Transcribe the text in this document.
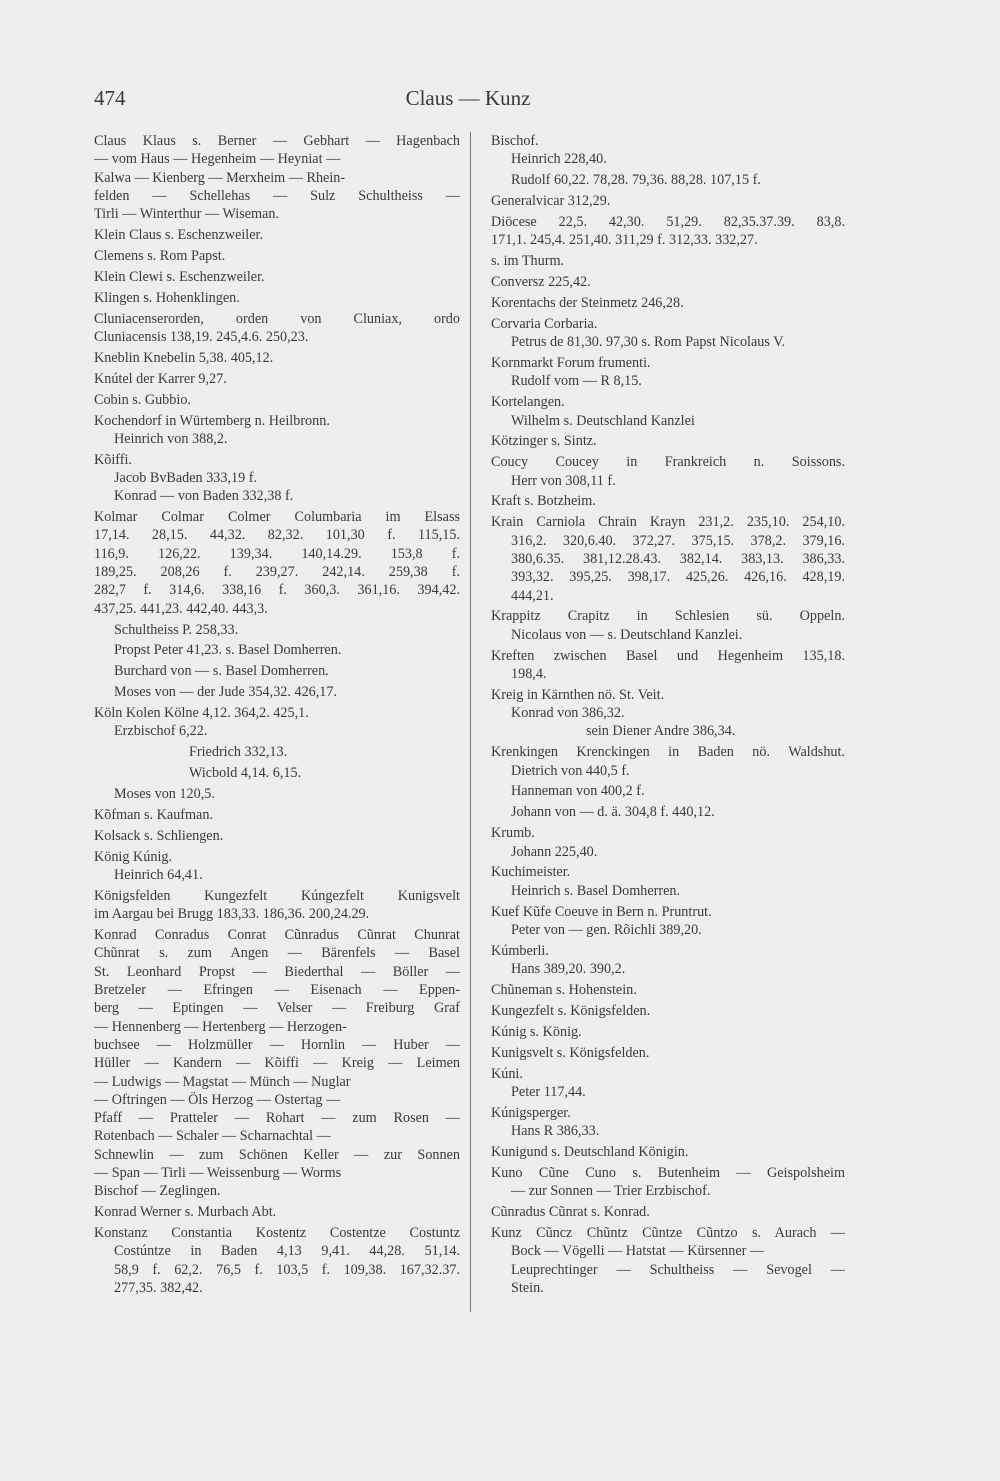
474	Claus — Kunz
Claus Klaus s. Berner — Gebhart — Hagenbach
— vom Haus — Hegenheim — Heyniat —
Kalwa — Kienberg — Merxheim — Rhein-
felden — Schellehas — Sulz Schultheiss —
Tirli — Winterthur — Wiseman.
Klein Claus s. Eschenzweiler.
Clemens s. Rom Papst.
Klein Clewi s. Eschenzweiler.
Klingen s. Hohenklingen.
Cluniacenserorden, orden von Cluniax, ordo
Cluniacensis 138,19. 245,4.6. 250,23.
Kneblin Knebelin 5,38. 405,12.
Knútel der Karrer 9,27.
Cobin s. Gubbio.
Kochendorf in Würtemberg n. Heilbronn.
Heinrich von 388,2.
Kõiffi.
Jacob BvBaden 333,19 f.
Konrad — von Baden 332,38 f.
Kolmar Colmar Colmer Columbaria im Elsass
17,14. 28,15. 44,32. 82,32. 101,30 f. 115,15.
116,9. 126,22. 139,34. 140,14.29. 153,8 f.
189,25. 208,26 f. 239,27. 242,14. 259,38 f.
282,7 f. 314,6. 338,16 f. 360,3. 361,16. 394,42.
437,25. 441,23. 442,40. 443,3.
Schultheiss P. 258,33.
Propst Peter 41,23. s. Basel Domherren.
Burchard von — s. Basel Domherren.
Moses von — der Jude 354,32. 426,17.
Köln Kolen Kölne 4,12. 364,2. 425,1.
Erzbischof 6,22.
Friedrich 332,13.
Wicbold 4,14. 6,15.
Moses von 120,5.
Kõfman s. Kaufman.
Kolsack s. Schliengen.
König Kúnig.
Heinrich 64,41.
Königsfelden Kungezfelt Kúngezfelt Kunigsvelt
im Aargau bei Brugg 183,33. 186,36. 200,24.29.
Konrad Conradus Conrat Cũnradus Cũnrat Chunrat
Chũnrat s. zum Angen — Bärenfels — Basel
St. Leonhard Propst — Biederthal — Böller —
Bretzeler — Efringen — Eisenach — Eppen-
berg — Eptingen — Velser — Freiburg Graf
— Hennenberg — Hertenberg — Herzogen-
buchsee — Holzmüller — Hornlin — Huber —
Hüller — Kandern — Kõiffi — Kreig — Leimen
— Ludwigs — Magstat — Münch — Nuglar
— Oftringen — Öls Herzog — Ostertag —
Pfaff — Pratteler — Rohart — zum Rosen —
Rotenbach — Schaler — Scharnachtal —
Schnewlin — zum Schönen Keller — zur Sonnen
— Span — Tirli — Weissenburg — Worms
Bischof — Zeglingen.
Konrad Werner s. Murbach Abt.
Konstanz Constantia Kostentz Costentze Costuntz
Costúntze in Baden 4,13 9,41. 44,28. 51,14.
58,9 f. 62,2. 76,5 f. 103,5 f. 109,38. 167,32.37.
277,35. 382,42.
Bischof.
Heinrich 228,40.
Rudolf 60,22. 78,28. 79,36. 88,28. 107,15 f.
Generalvicar 312,29.
Diöcese 22,5. 42,30. 51,29. 82,35.37.39. 83,8.
171,1. 245,4. 251,40. 311,29 f. 312,33. 332,27.
s. im Thurm.
Conversz 225,42.
Korentachs der Steinmetz 246,28.
Corvaria Corbaria.
Petrus de 81,30. 97,30 s. Rom Papst Nicolaus V.
Kornmarkt Forum frumenti.
Rudolf vom — R 8,15.
Kortelangen.
Wilhelm s. Deutschland Kanzlei
Kötzinger s. Sintz.
Coucy Coucey in Frankreich n. Soissons.
Herr von 308,11 f.
Kraft s. Botzheim.
Krain Carniola Chrain Krayn 231,2. 235,10. 254,10.
316,2. 320,6.40. 372,27. 375,15. 378,2. 379,16.
380,6.35. 381,12.28.43. 382,14. 383,13. 386,33.
393,32. 395,25. 398,17. 425,26. 426,16. 428,19.
444,21.
Krappitz Crapitz in Schlesien sü. Oppeln.
Nicolaus von — s. Deutschland Kanzlei.
Kreften zwischen Basel und Hegenheim 135,18.
198,4.
Kreig in Kärnthen nö. St. Veit.
Konrad von 386,32.
sein Diener Andre 386,34.
Krenkingen Krenckingen in Baden nö. Waldshut.
Dietrich von 440,5 f.
Hanneman von 400,2 f.
Johann von — d. ä. 304,8 f. 440,12.
Krumb.
Johann 225,40.
Kuchimeister.
Heinrich s. Basel Domherren.
Kuef Kũfe Coeuve in Bern n. Pruntrut.
Peter von — gen. Rõichli 389,20.
Kúmberli.
Hans 389,20. 390,2.
Chũneman s. Hohenstein.
Kungezfelt s. Königsfelden.
Kúnig s. König.
Kunigsvelt s. Königsfelden.
Kúni.
Peter 117,44.
Kúnigsperger.
Hans R 386,33.
Kunigund s. Deutschland Königin.
Kuno Cũne Cuno s. Butenheim — Geispolsheim
— zur Sonnen — Trier Erzbischof.
Cũnradus Cũnrat s. Konrad.
Kunz Cũncz Chũntz Cũntze Cũntzo s. Aurach —
Bock — Vögelli — Hatstat — Kürsenner —
Leuprechtinger — Schultheiss — Sevogel —
Stein.
